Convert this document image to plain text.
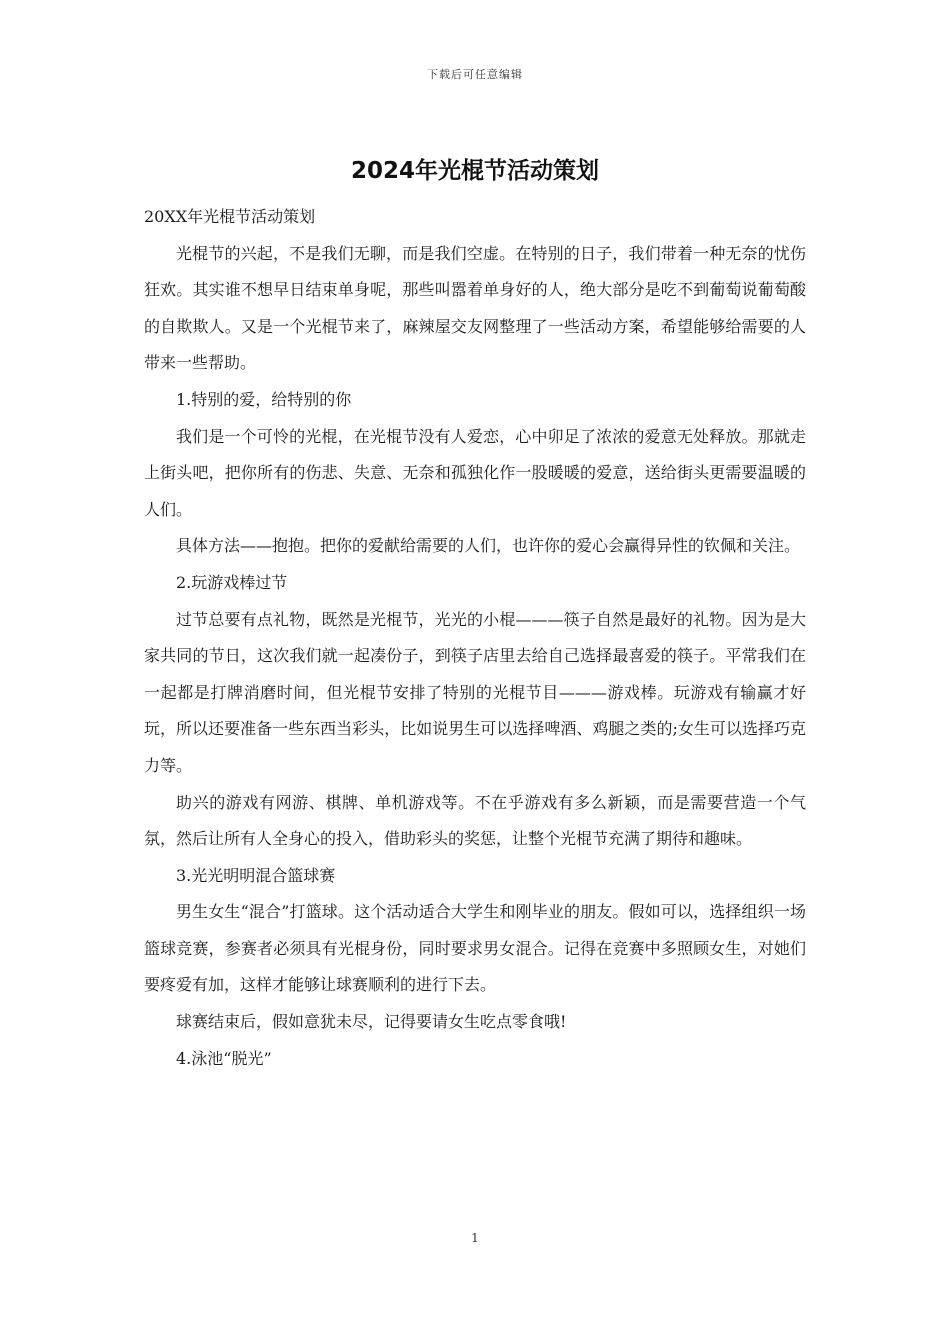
下载后可任意编辑
2024年光棍节活动策划

20XX年光棍节活动策划

光棍节的兴起，不是我们无聊，而是我们空虚。在特别的日子，我们带着一种无奈的忧伤狂欢。其实谁不想早日结束单身呢，那些叫嚣着单身好的人，绝大部分是吃不到葡萄说葡萄酸的自欺欺人。又是一个光棍节来了，麻辣屋交友网整理了一些活动方案，希望能够给需要的人带来一些帮助。

1.特别的爱，给特别的你

我们是一个可怜的光棍，在光棍节没有人爱恋，心中卯足了浓浓的爱意无处释放。那就走上街头吧，把你所有的伤悲、失意、无奈和孤独化作一股暖暖的爱意，送给街头更需要温暖的人们。

具体方法——抱抱。把你的爱献给需要的人们，也许你的爱心会赢得异性的钦佩和关注。

2.玩游戏棒过节

过节总要有点礼物，既然是光棍节，光光的小棍———筷子自然是最好的礼物。因为是大家共同的节日，这次我们就一起凑份子，到筷子店里去给自己选择最喜爱的筷子。平常我们在一起都是打牌消磨时间，但光棍节安排了特别的光棍节目———游戏棒。玩游戏有输赢才好玩，所以还要准备一些东西当彩头，比如说男生可以选择啤酒、鸡腿之类的;女生可以选择巧克力等。

助兴的游戏有网游、棋牌、单机游戏等。不在乎游戏有多么新颖，而是需要营造一个气氛，然后让所有人全身心的投入，借助彩头的奖惩，让整个光棍节充满了期待和趣味。

3.光光明明混合篮球赛

男生女生“混合”打篮球。这个活动适合大学生和刚毕业的朋友。假如可以，选择组织一场篮球竞赛，参赛者必须具有光棍身份，同时要求男女混合。记得在竞赛中多照顾女生，对她们要疼爱有加，这样才能够让球赛顺利的进行下去。

球赛结束后，假如意犹未尽，记得要请女生吃点零食哦!

4.泳池“脱光”

1
